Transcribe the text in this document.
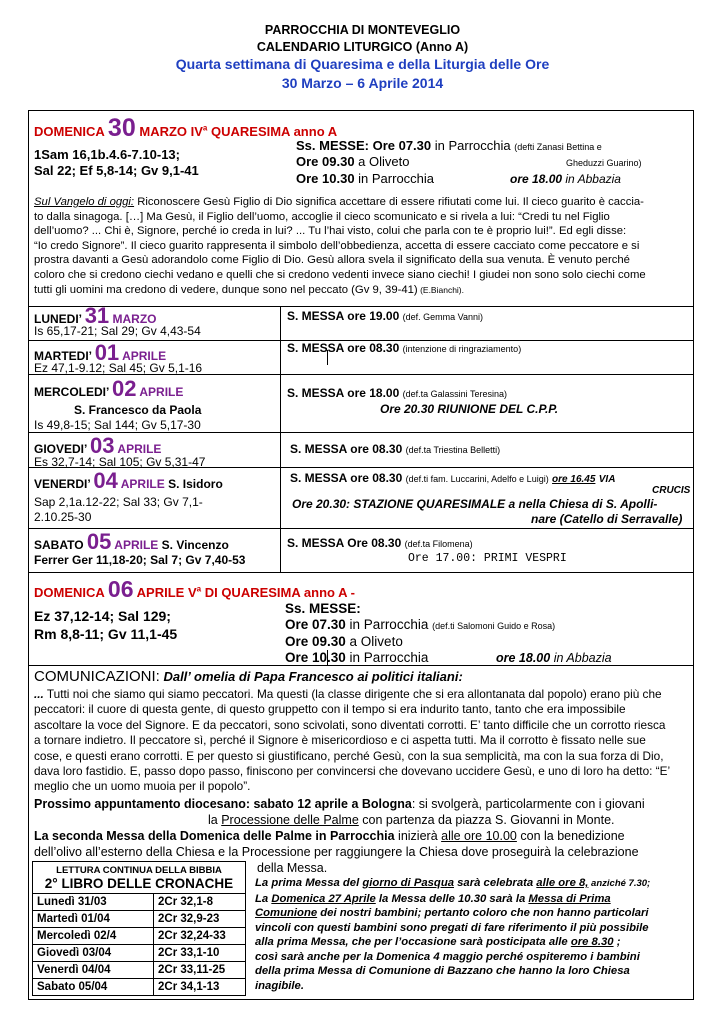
PARROCCHIA DI MONTEVEGLIO
CALENDARIO LITURGICO (Anno A)
Quarta settimana di Quaresima e della Liturgia delle Ore
30 Marzo – 6 Aprile 2014
DOMENICA 30 MARZO $IV^a$ QUARESIMA anno A
1Sam 16,1b.4.6-7.10-13;
Sal 22; Ef 5,8-14; Gv 9,1-41
Ss. MESSE: Ore 07.30 in Parrocchia (defti Zanasi Bettina e
Ore 09.30 a Oliveto	Gheduzzi Guarino)
Ore 10.30 in Parrocchia	ore 18.00 in Abbazia
Sul Vangelo di oggi: Riconoscere Gesù Figlio di Dio significa accettare di essere rifiutati come lui. Il cieco guarito è caccia-
to dalla sinagoga. […] Ma Gesù, il Figlio dell’uomo, accoglie il cieco scomunicato e si rivela a lui: “Credi tu nel Figlio
dell’uomo? ... Chi è, Signore, perché io creda in lui? ... Tu l’hai visto, colui che parla con te è proprio lui!”. Ed egli disse:
“Io credo Signore”. Il cieco guarito rappresenta il simbolo dell’obbedienza, accetta di essere cacciato come peccatore e si
prostra davanti a Gesù adorandolo come Figlio di Dio. Gesù allora svela il significato della sua venuta. È venuto perché
coloro che si credono ciechi vedano e quelli che si credono vedenti invece siano ciechi! I giudei non sono solo ciechi come
tutti gli uomini ma credono di vedere, dunque sono nel peccato (Gv 9, 39-41) (E.Bianchi).
LUNEDI’ 31 MARZO
Is 65,17-21; Sal 29; Gv 4,43-54
S. MESSA ore 19.00 (def. Gemma Vanni)
MARTEDI’ 01 APRILE
Ez 47,1-9.12; Sal 45; Gv 5,1-16
S. MESSA ore 08.30 (intenzione di ringraziamento)
MERCOLEDI’ 02 APRILE
S. Francesco da Paola
Is 49,8-15; Sal 144; Gv 5,17-30
S. MESSA ore 18.00 (def.ta Galassini Teresina)
Ore 20.30 RIUNIONE DEL C.P.P.
GIOVEDI’ 03 APRILE
Es 32,7-14; Sal 105; Gv 5,31-47
S. MESSA ore 08.30 (def.ta Triestina Belletti)
VENERDI’ 04 APRILE S. Isidoro
Sap 2,1a.12-22; Sal 33; Gv 7,1-
2.10.25-30
S. MESSA ore 08.30 (def.ti fam. Luccarini, Adelfo e Luigi) ore 16.45 VIA
CRUCIS
Ore 20.30: STAZIONE QUARESIMALE a nella Chiesa di S. Apolli-
nare (Catello di Serravalle)
SABATO 05 APRILE S. Vincenzo
Ferrer Ger 11,18-20; Sal 7; Gv 7,40-53
S. MESSA Ore 08.30 (def.ta Filomena)
Ore 17.00: PRIMI VESPRI
DOMENICA 06 APRILE $V^a$ DI QUARESIMA anno A -
Ez 37,12-14; Sal 129;
Rm 8,8-11; Gv 11,1-45
Ss. MESSE:
Ore 07.30 in Parrocchia (def.ti Salomoni Guido e Rosa)
Ore 09.30 a Oliveto
Ore 10.30 in Parrocchia	ore 18.00 in Abbazia
COMUNICAZIONI: Dall’ omelia di Papa Francesco ai politici italiani:
... Tutti noi che siamo qui siamo peccatori. Ma questi (la classe dirigente che si era allontanata dal popolo) erano più che
peccatori: il cuore di questa gente, di questo gruppetto con il tempo si era indurito tanto, tanto che era impossibile
ascoltare la voce del Signore. E da peccatori, sono scivolati, sono diventati corrotti. E’ tanto difficile che un corrotto riesca
a tornare indietro. Il peccatore sì, perché il Signore è misericordioso e ci aspetta tutti. Ma il corrotto è fissato nelle sue
cose, e questi erano corrotti. E per questo si giustificano, perché Gesù, con la sua semplicità, ma con la sua forza di Dio,
dava loro fastidio. E, passo dopo passo, finiscono per convincersi che dovevano uccidere Gesù, e uno di loro ha detto: “E’
meglio che un uomo muoia per il popolo”.
Prossimo appuntamento diocesano: sabato 12 aprile a Bologna: si svolgerà, particolarmente con i giovani
la Processione delle Palme con partenza da piazza S. Giovanni in Monte.
La seconda Messa della Domenica delle Palme in Parrocchia inizierà alle ore 10.00 con la benedizione
dell’olivo all’esterno della Chiesa e la Processione per raggiungere la Chiesa dove proseguirà la celebrazione
della Messa.
LETTURA CONTINUA DELLA BIBBIA
2° LIBRO DELLE CRONACHE
Lunedì 31/03	2Cr 32,1-8
Martedì 01/04	2Cr 32,9-23
Mercoledì 02/4	2Cr 32,24-33
Giovedì 03/04	2Cr 33,1-10
Venerdì 04/04	2Cr 33,11-25
Sabato 05/04	2Cr 34,1-13
La prima Messa del giorno di Pasqua sarà celebrata alle ore 8, anziché 7.30;
La Domenica 27 Aprile la Messa delle 10.30 sarà la Messa di Prima
Comunione dei nostri bambini; pertanto coloro che non hanno particolari
vincoli con questi bambini sono pregati di fare riferimento il più possibile
alla prima Messa, che per l’occasione sarà posticipata alle ore 8.30 ;
così sarà anche per la Domenica 4 maggio perché ospiteremo i bambini
della prima Messa di Comunione di Bazzano che hanno la loro Chiesa
inagibile.
